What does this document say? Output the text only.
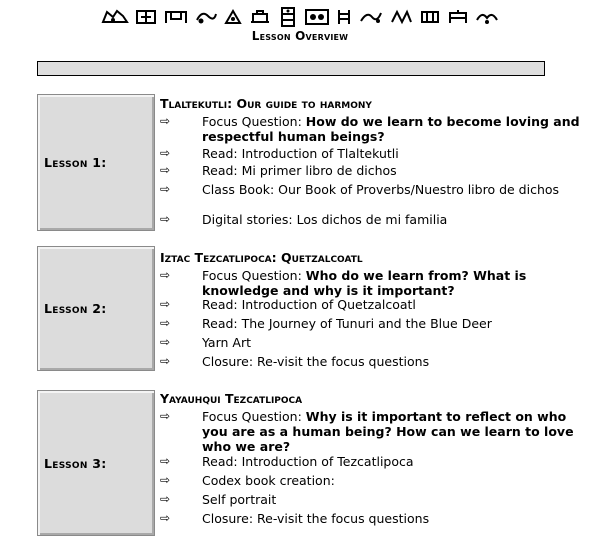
Lesson Overview
Lesson 1:
Tlaltekutli: Our guide to harmony
⇨	Focus Question: How do we learn to become loving and respectful human beings?
⇨	Read: Introduction of Tlaltekutli
⇨	Read: Mi primer libro de dichos
⇨	Class Book: Our Book of Proverbs/Nuestro libro de dichos
⇨	Digital stories: Los dichos de mi familia
Lesson 2:
Iztac Tezcatlipoca: Quetzalcoatl
⇨	Focus Question: Who do we learn from? What is knowledge and why is it important?
⇨	Read: Introduction of Quetzalcoatl
⇨	Read: The Journey of Tunuri and the Blue Deer
⇨	Yarn Art
⇨	Closure: Re-visit the focus questions
Lesson 3:
Yayauhqui Tezcatlipoca
⇨	Focus Question: Why is it important to reflect on who you are as a human being? How can we learn to love who we are?
⇨	Read: Introduction of Tezcatlipoca
⇨	Codex book creation:
⇨	Self portrait
⇨	Closure: Re-visit the focus questions
